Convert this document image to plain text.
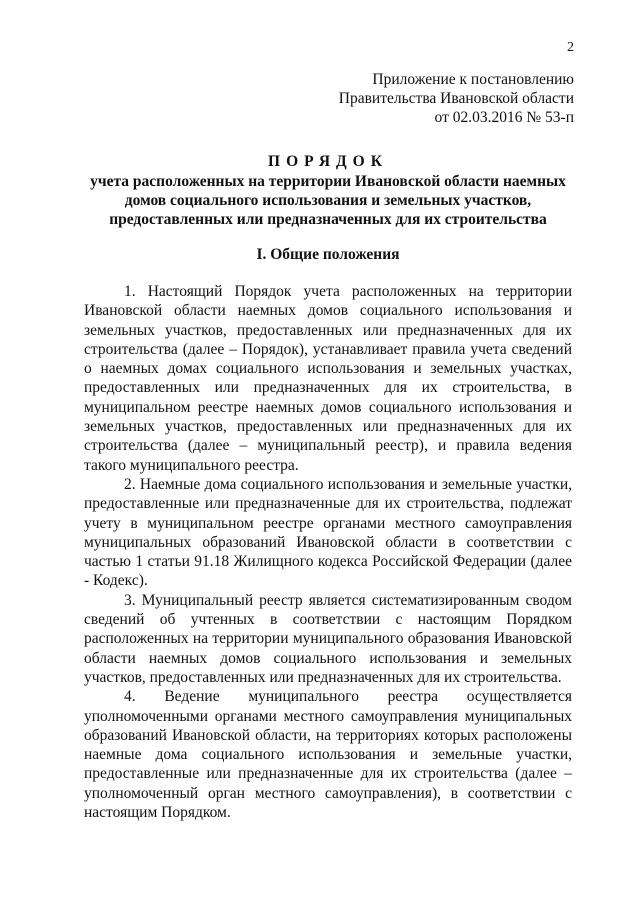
2
Приложение к постановлению
Правительства Ивановской области
от 02.03.2016 № 53-п
ПОРЯДОК
учета расположенных на территории Ивановской области наемных
домов социального использования и земельных участков,
предоставленных или предназначенных для их строительства
I. Общие положения

1. Настоящий Порядок учета расположенных на территории Ивановской области наемных домов социального использования и земельных участков, предоставленных или предназначенных для их строительства (далее – Порядок), устанавливает правила учета сведений о наемных домах социального использования и земельных участках, предоставленных или предназначенных для их строительства, в муниципальном реестре наемных домов социального использования и земельных участков, предоставленных или предназначенных для их строительства (далее – муниципальный реестр), и правила ведения такого муниципального реестра.

2. Наемные дома социального использования и земельные участки, предоставленные или предназначенные для их строительства, подлежат учету в муниципальном реестре органами местного самоуправления муниципальных образований Ивановской области в соответствии с частью 1 статьи 91.18 Жилищного кодекса Российской Федерации (далее - Кодекс).

3. Муниципальный реестр является систематизированным сводом сведений об учтенных в соответствии с настоящим Порядком расположенных на территории муниципального образования Ивановской области наемных домов социального использования и земельных участков, предоставленных или предназначенных для их строительства.

4. Ведение муниципального реестра осуществляется уполномоченными органами местного самоуправления муниципальных образований Ивановской области, на территориях которых расположены наемные дома социального использования и земельные участки, предоставленные или предназначенные для их строительства (далее – уполномоченный орган местного самоуправления), в соответствии с настоящим Порядком.
